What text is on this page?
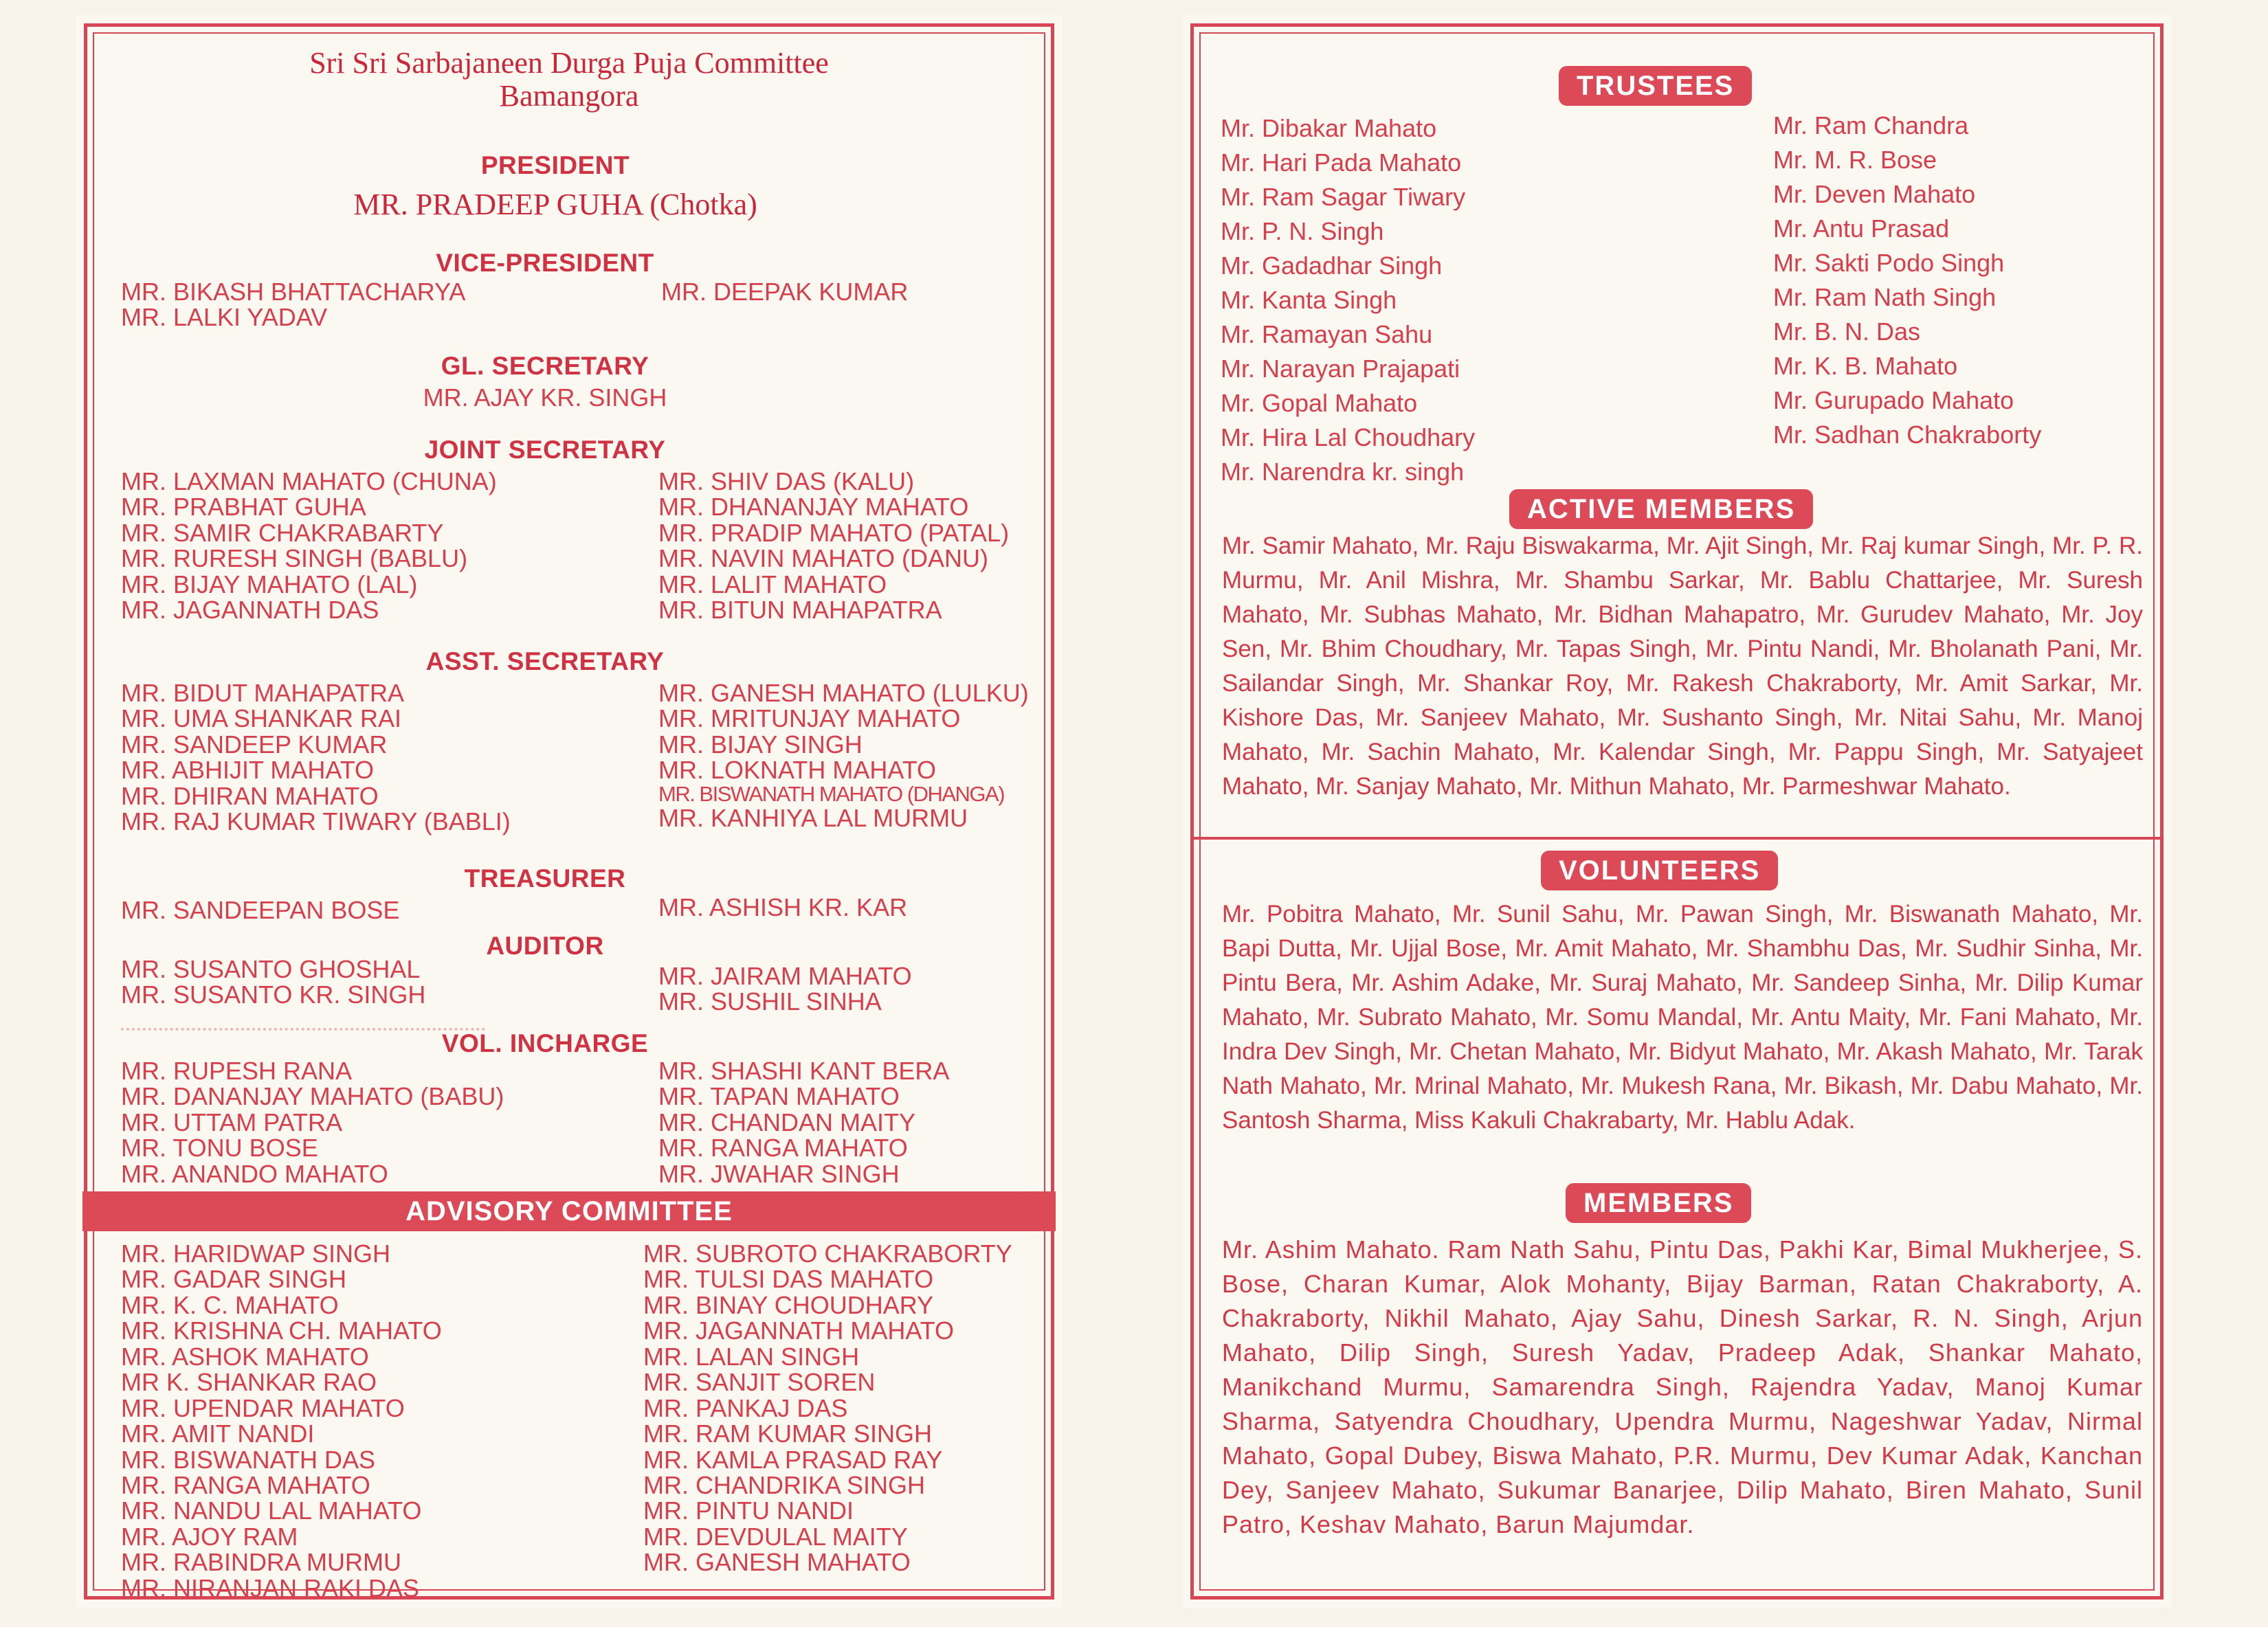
Sri Sri Sarbajaneen Durga Puja Committee
Bamangora
PRESIDENT
MR. PRADEEP GUHA (Chotka)
VICE-PRESIDENT
MR. BIKASH BHATTACHARYA
MR. LALKI YADAV
MR. DEEPAK KUMAR
GL. SECRETARY
MR. AJAY KR. SINGH
JOINT SECRETARY
MR. LAXMAN MAHATO (CHUNA)
MR. PRABHAT GUHA
MR. SAMIR CHAKRABARTY
MR. RURESH SINGH (BABLU)
MR. BIJAY MAHATO (LAL)
MR. JAGANNATH DAS
MR. SHIV DAS (KALU)
MR. DHANANJAY MAHATO
MR. PRADIP MAHATO (PATAL)
MR. NAVIN MAHATO (DANU)
MR. LALIT MAHATO
MR. BITUN MAHAPATRA
ASST. SECRETARY
MR. BIDUT MAHAPATRA
MR. UMA SHANKAR RAI
MR. SANDEEP KUMAR
MR. ABHIJIT MAHATO
MR. DHIRAN MAHATO
MR. RAJ KUMAR TIWARY (BABLI)
MR. GANESH MAHATO (LULKU)
MR. MRITUNJAY MAHATO
MR. BIJAY SINGH
MR. LOKNATH MAHATO
MR. BISWANATH MAHATO (DHANGA)
MR. KANHIYA LAL MURMU
TREASURER
MR. SANDEEPAN BOSE	MR. ASHISH KR. KAR
AUDITOR
MR. SUSANTO GHOSHAL
MR. SUSANTO KR. SINGH
MR. JAIRAM MAHATO
MR. SUSHIL SINHA
VOL. INCHARGE
MR. RUPESH RANA
MR. DANANJAY MAHATO (BABU)
MR. UTTAM PATRA
MR. TONU BOSE
MR. ANANDO MAHATO
MR. SHASHI KANT BERA
MR. TAPAN MAHATO
MR. CHANDAN MAITY
MR. RANGA MAHATO
MR. JWAHAR SINGH
ADVISORY COMMITTEE
MR. HARIDWAP SINGH
MR. GADAR SINGH
MR. K. C. MAHATO
MR. KRISHNA CH. MAHATO
MR. ASHOK MAHATO
MR K. SHANKAR RAO
MR. UPENDAR MAHATO
MR. AMIT NANDI
MR. BISWANATH DAS
MR. RANGA MAHATO
MR. NANDU LAL MAHATO
MR. AJOY RAM
MR. RABINDRA MURMU
MR. NIRANJAN RAKI DAS
MR. SUBROTO CHAKRABORTY
MR. TULSI DAS MAHATO
MR. BINAY CHOUDHARY
MR. JAGANNATH MAHATO
MR. LALAN SINGH
MR. SANJIT SOREN
MR. PANKAJ DAS
MR. RAM KUMAR SINGH
MR. KAMLA PRASAD RAY
MR. CHANDRIKA SINGH
MR. PINTU NANDI
MR. DEVDULAL MAITY
MR. GANESH MAHATO
TRUSTEES
Mr. Dibakar Mahato
Mr. Hari Pada Mahato
Mr. Ram Sagar Tiwary
Mr. P. N. Singh
Mr. Gadadhar Singh
Mr. Kanta Singh
Mr. Ramayan Sahu
Mr. Narayan Prajapati
Mr. Gopal Mahato
Mr. Hira Lal Choudhary
Mr. Narendra kr. singh
Mr. Ram Chandra
Mr. M. R. Bose
Mr. Deven Mahato
Mr. Antu Prasad
Mr. Sakti Podo Singh
Mr. Ram Nath Singh
Mr. B. N. Das
Mr. K. B. Mahato
Mr. Gurupado Mahato
Mr. Sadhan Chakraborty
ACTIVE MEMBERS
Mr. Samir Mahato, Mr. Raju Biswakarma, Mr. Ajit Singh, Mr. Raj kumar Singh, Mr. P. R. Murmu, Mr. Anil Mishra, Mr. Shambu Sarkar, Mr. Bablu Chattarjee, Mr. Suresh Mahato, Mr. Subhas Mahato, Mr. Bidhan Mahapatro, Mr. Gurudev Mahato, Mr. Joy Sen, Mr. Bhim Choudhary, Mr. Tapas Singh, Mr. Pintu Nandi, Mr. Bholanath Pani, Mr. Sailandar Singh, Mr. Shankar Roy, Mr. Rakesh Chakraborty, Mr. Amit Sarkar, Mr. Kishore Das, Mr. Sanjeev Mahato, Mr. Sushanto Singh, Mr. Nitai Sahu, Mr. Manoj Mahato, Mr. Sachin Mahato, Mr. Kalendar Singh, Mr. Pappu Singh, Mr. Satyajeet Mahato, Mr. Sanjay Mahato, Mr. Mithun Mahato, Mr. Parmeshwar Mahato.
VOLUNTEERS
Mr. Pobitra Mahato, Mr. Sunil Sahu, Mr. Pawan Singh, Mr. Biswanath Mahato, Mr. Bapi Dutta, Mr. Ujjal Bose, Mr. Amit Mahato, Mr. Shambhu Das, Mr. Sudhir Sinha, Mr. Pintu Bera, Mr. Ashim Adake, Mr. Suraj Mahato, Mr. Sandeep Sinha, Mr. Dilip Kumar Mahato, Mr. Subrato Mahato, Mr. Somu Mandal, Mr. Antu Maity, Mr. Fani Mahato, Mr. Indra Dev Singh, Mr. Chetan Mahato, Mr. Bidyut Mahato, Mr. Akash Mahato, Mr. Tarak Nath Mahato, Mr. Mrinal Mahato, Mr. Mukesh Rana, Mr. Bikash, Mr. Dabu Mahato, Mr. Santosh Sharma, Miss Kakuli Chakrabarty, Mr. Hablu Adak.
MEMBERS
Mr. Ashim Mahato. Ram Nath Sahu, Pintu Das, Pakhi Kar, Bimal Mukherjee, S. Bose, Charan Kumar, Alok Mohanty, Bijay Barman, Ratan Chakraborty, A. Chakraborty, Nikhil Mahato, Ajay Sahu, Dinesh Sarkar, R. N. Singh, Arjun Mahato, Dilip Singh, Suresh Yadav, Pradeep Adak, Shankar Mahato, Manikchand Murmu, Samarendra Singh, Rajendra Yadav, Manoj Kumar Sharma, Satyendra Choudhary, Upendra Murmu, Nageshwar Yadav, Nirmal Mahato, Gopal Dubey, Biswa Mahato, P.R. Murmu, Dev Kumar Adak, Kanchan Dey, Sanjeev Mahato, Sukumar Banarjee, Dilip Mahato, Biren Mahato, Sunil Patro, Keshav Mahato, Barun Majumdar.
